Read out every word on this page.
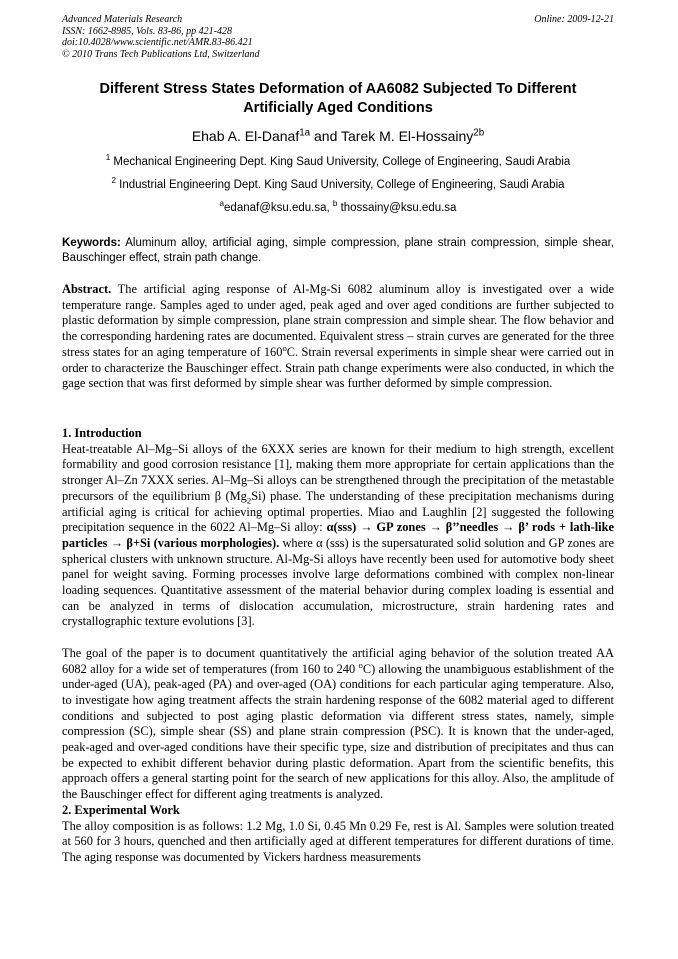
Advanced Materials Research
ISSN: 1662-8985, Vols. 83-86, pp 421-428
doi:10.4028/www.scientific.net/AMR.83-86.421
© 2010 Trans Tech Publications Ltd, Switzerland
Online: 2009-12-21
Different Stress States Deformation of AA6082 Subjected To Different
Artificially Aged Conditions
Ehab A. El-Danaf$^{1a}$ and Tarek M. El-Hossainy$^{2b}$
$^1$ Mechanical Engineering Dept. King Saud University, College of Engineering, Saudi Arabia
$^2$ Industrial Engineering Dept. King Saud University, College of Engineering, Saudi Arabia
$^a$edanaf@ksu.edu.sa, $^b$ thossainy@ksu.edu.sa
Keywords: Aluminum alloy, artificial aging, simple compression, plane strain compression, simple shear, Bauschinger effect, strain path change.

Abstract. The artificial aging response of Al-Mg-Si 6082 aluminum alloy is investigated over a wide temperature range. Samples aged to under aged, peak aged and over aged conditions are further subjected to plastic deformation by simple compression, plane strain compression and simple shear. The flow behavior and the corresponding hardening rates are documented. Equivalent stress – strain curves are generated for the three stress states for an aging temperature of 160$^o$C. Strain reversal experiments in simple shear were carried out in order to characterize the Bauschinger effect. Strain path change experiments were also conducted, in which the gage section that was first deformed by simple shear was further deformed by simple compression.

1. Introduction

Heat-treatable Al–Mg–Si alloys of the 6XXX series are known for their medium to high strength, excellent formability and good corrosion resistance [1], making them more appropriate for certain applications than the stronger Al–Zn 7XXX series. Al–Mg–Si alloys can be strengthened through the precipitation of the metastable precursors of the equilibrium β $(Mg_2Si)$ phase. The understanding of these precipitation mechanisms during artificial aging is critical for achieving optimal properties. Miao and Laughlin [2] suggested the following precipitation sequence in the 6022 Al–Mg–Si alloy: α(sss) → GP zones → β’’needles → β’ rods + lath-like particles → β+Si (various morphologies). where α (sss) is the supersaturated solid solution and GP zones are spherical clusters with unknown structure. Al-Mg-Si alloys have recently been used for automotive body sheet panel for weight saving. Forming processes involve large deformations combined with complex non-linear loading sequences. Quantitative assessment of the material behavior during complex loading is essential and can be analyzed in terms of dislocation accumulation, microstructure, strain hardening rates and crystallographic texture evolutions [3].

The goal of the paper is to document quantitatively the artificial aging behavior of the solution treated AA 6082 alloy for a wide set of temperatures (from 160 to 240 $^o$C) allowing the unambiguous establishment of the under-aged (UA), peak-aged (PA) and over-aged (OA) conditions for each particular aging temperature. Also, to investigate how aging treatment affects the strain hardening response of the 6082 material aged to different conditions and subjected to post aging plastic deformation via different stress states, namely, simple compression (SC), simple shear (SS) and plane strain compression (PSC). It is known that the under-aged, peak-aged and over-aged conditions have their specific type, size and distribution of precipitates and thus can be expected to exhibit different behavior during plastic deformation. Apart from the scientific benefits, this approach offers a general starting point for the search of new applications for this alloy. Also, the amplitude of the Bauschinger effect for different aging treatments is analyzed.

2. Experimental Work

The alloy composition is as follows: 1.2 Mg, 1.0 Si, 0.45 Mn 0.29 Fe, rest is Al. Samples were solution treated at 560 for 3 hours, quenched and then artificially aged at different temperatures for different durations of time. The aging response was documented by Vickers hardness measurements
